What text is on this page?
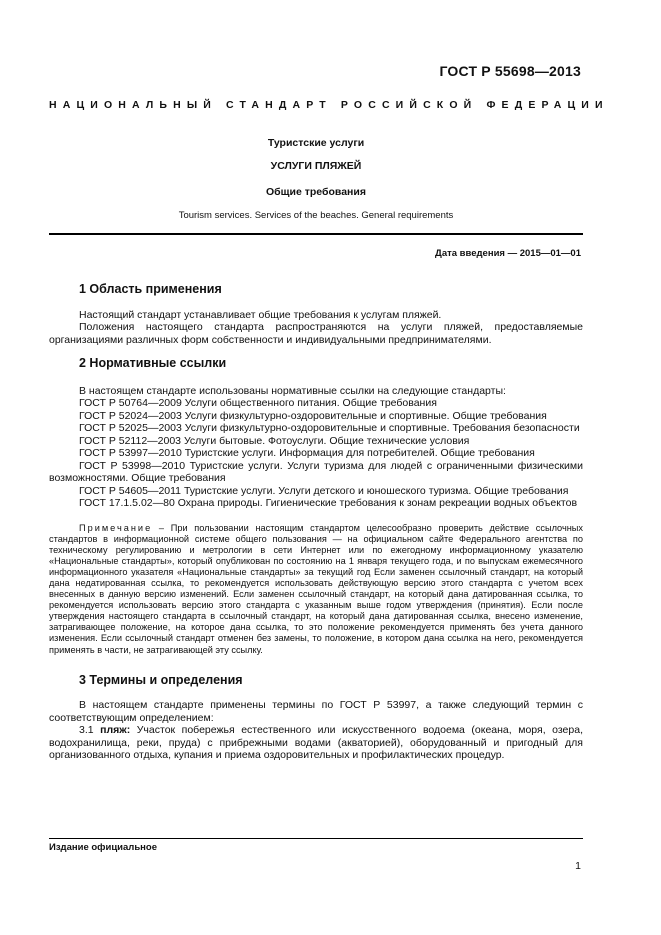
ГОСТ Р 55698—2013
НАЦИОНАЛЬНЫЙ СТАНДАРТ РОССИЙСКОЙ ФЕДЕРАЦИИ
Туристские услуги
УСЛУГИ ПЛЯЖЕЙ
Общие требования
Tourism services. Services of the beaches. General requirements
Дата введения — 2015—01—01
1 Область применения

Настоящий стандарт устанавливает общие требования к услугам пляжей.

Положения настоящего стандарта распространяются на услуги пляжей, предоставляемые организациями различных форм собственности и индивидуальными предпринимателями.

2 Нормативные ссылки

В настоящем стандарте использованы нормативные ссылки на следующие стандарты:

ГОСТ Р 50764—2009 Услуги общественного питания. Общие требования

ГОСТ Р 52024—2003 Услуги физкультурно-оздоровительные и спортивные. Общие требования

ГОСТ Р 52025—2003 Услуги физкультурно-оздоровительные и спортивные. Требования безопасности

ГОСТ Р 52112—2003 Услуги бытовые. Фотоуслуги. Общие технические условия

ГОСТ Р 53997—2010 Туристские услуги. Информация для потребителей. Общие требования

ГОСТ Р 53998—2010 Туристские услуги. Услуги туризма для людей с ограниченными физическими возможностями. Общие требования

ГОСТ Р 54605—2011 Туристские услуги. Услуги детского и юношеского туризма. Общие требования

ГОСТ 17.1.5.02—80 Охрана природы. Гигиенические требования к зонам рекреации водных объектов

Примечание – При пользовании настоящим стандартом целесообразно проверить действие ссылочных стандартов в информационной системе общего пользования — на официальном сайте Федерального агентства по техническому регулированию и метрологии в сети Интернет или по ежегодному информационному указателю «Национальные стандарты», который опубликован по состоянию на 1 января текущего года, и по выпускам ежемесячного информационного указателя «Национальные стандарты» за текущий год Если заменен ссылочный стандарт, на который дана недатированная ссылка, то рекомендуется использовать действующую версию этого стандарта с учетом всех внесенных в данную версию изменений. Если заменен ссылочный стандарт, на который дана датированная ссылка, то рекомендуется использовать версию этого стандарта с указанным выше годом утверждения (принятия). Если после утверждения настоящего стандарта в ссылочный стандарт, на который дана датированная ссылка, внесено изменение, затрагивающее положение, на которое дана ссылка, то это положение рекомендуется применять без учета данного изменения. Если ссылочный стандарт отменен без замены, то положение, в котором дана ссылка на него, рекомендуется применять в части, не затрагивающей эту ссылку.

3 Термины и определения

В настоящем стандарте применены термины по ГОСТ Р 53997, а также следующий термин с соответствующим определением:

3.1 пляж: Участок побережья естественного или искусственного водоема (океана, моря, озера, водохранилища, реки, пруда) с прибрежными водами (акваторией), оборудованный и пригодный для организованного отдыха, купания и приема оздоровительных и профилактических процедур.

Издание официальное
1
